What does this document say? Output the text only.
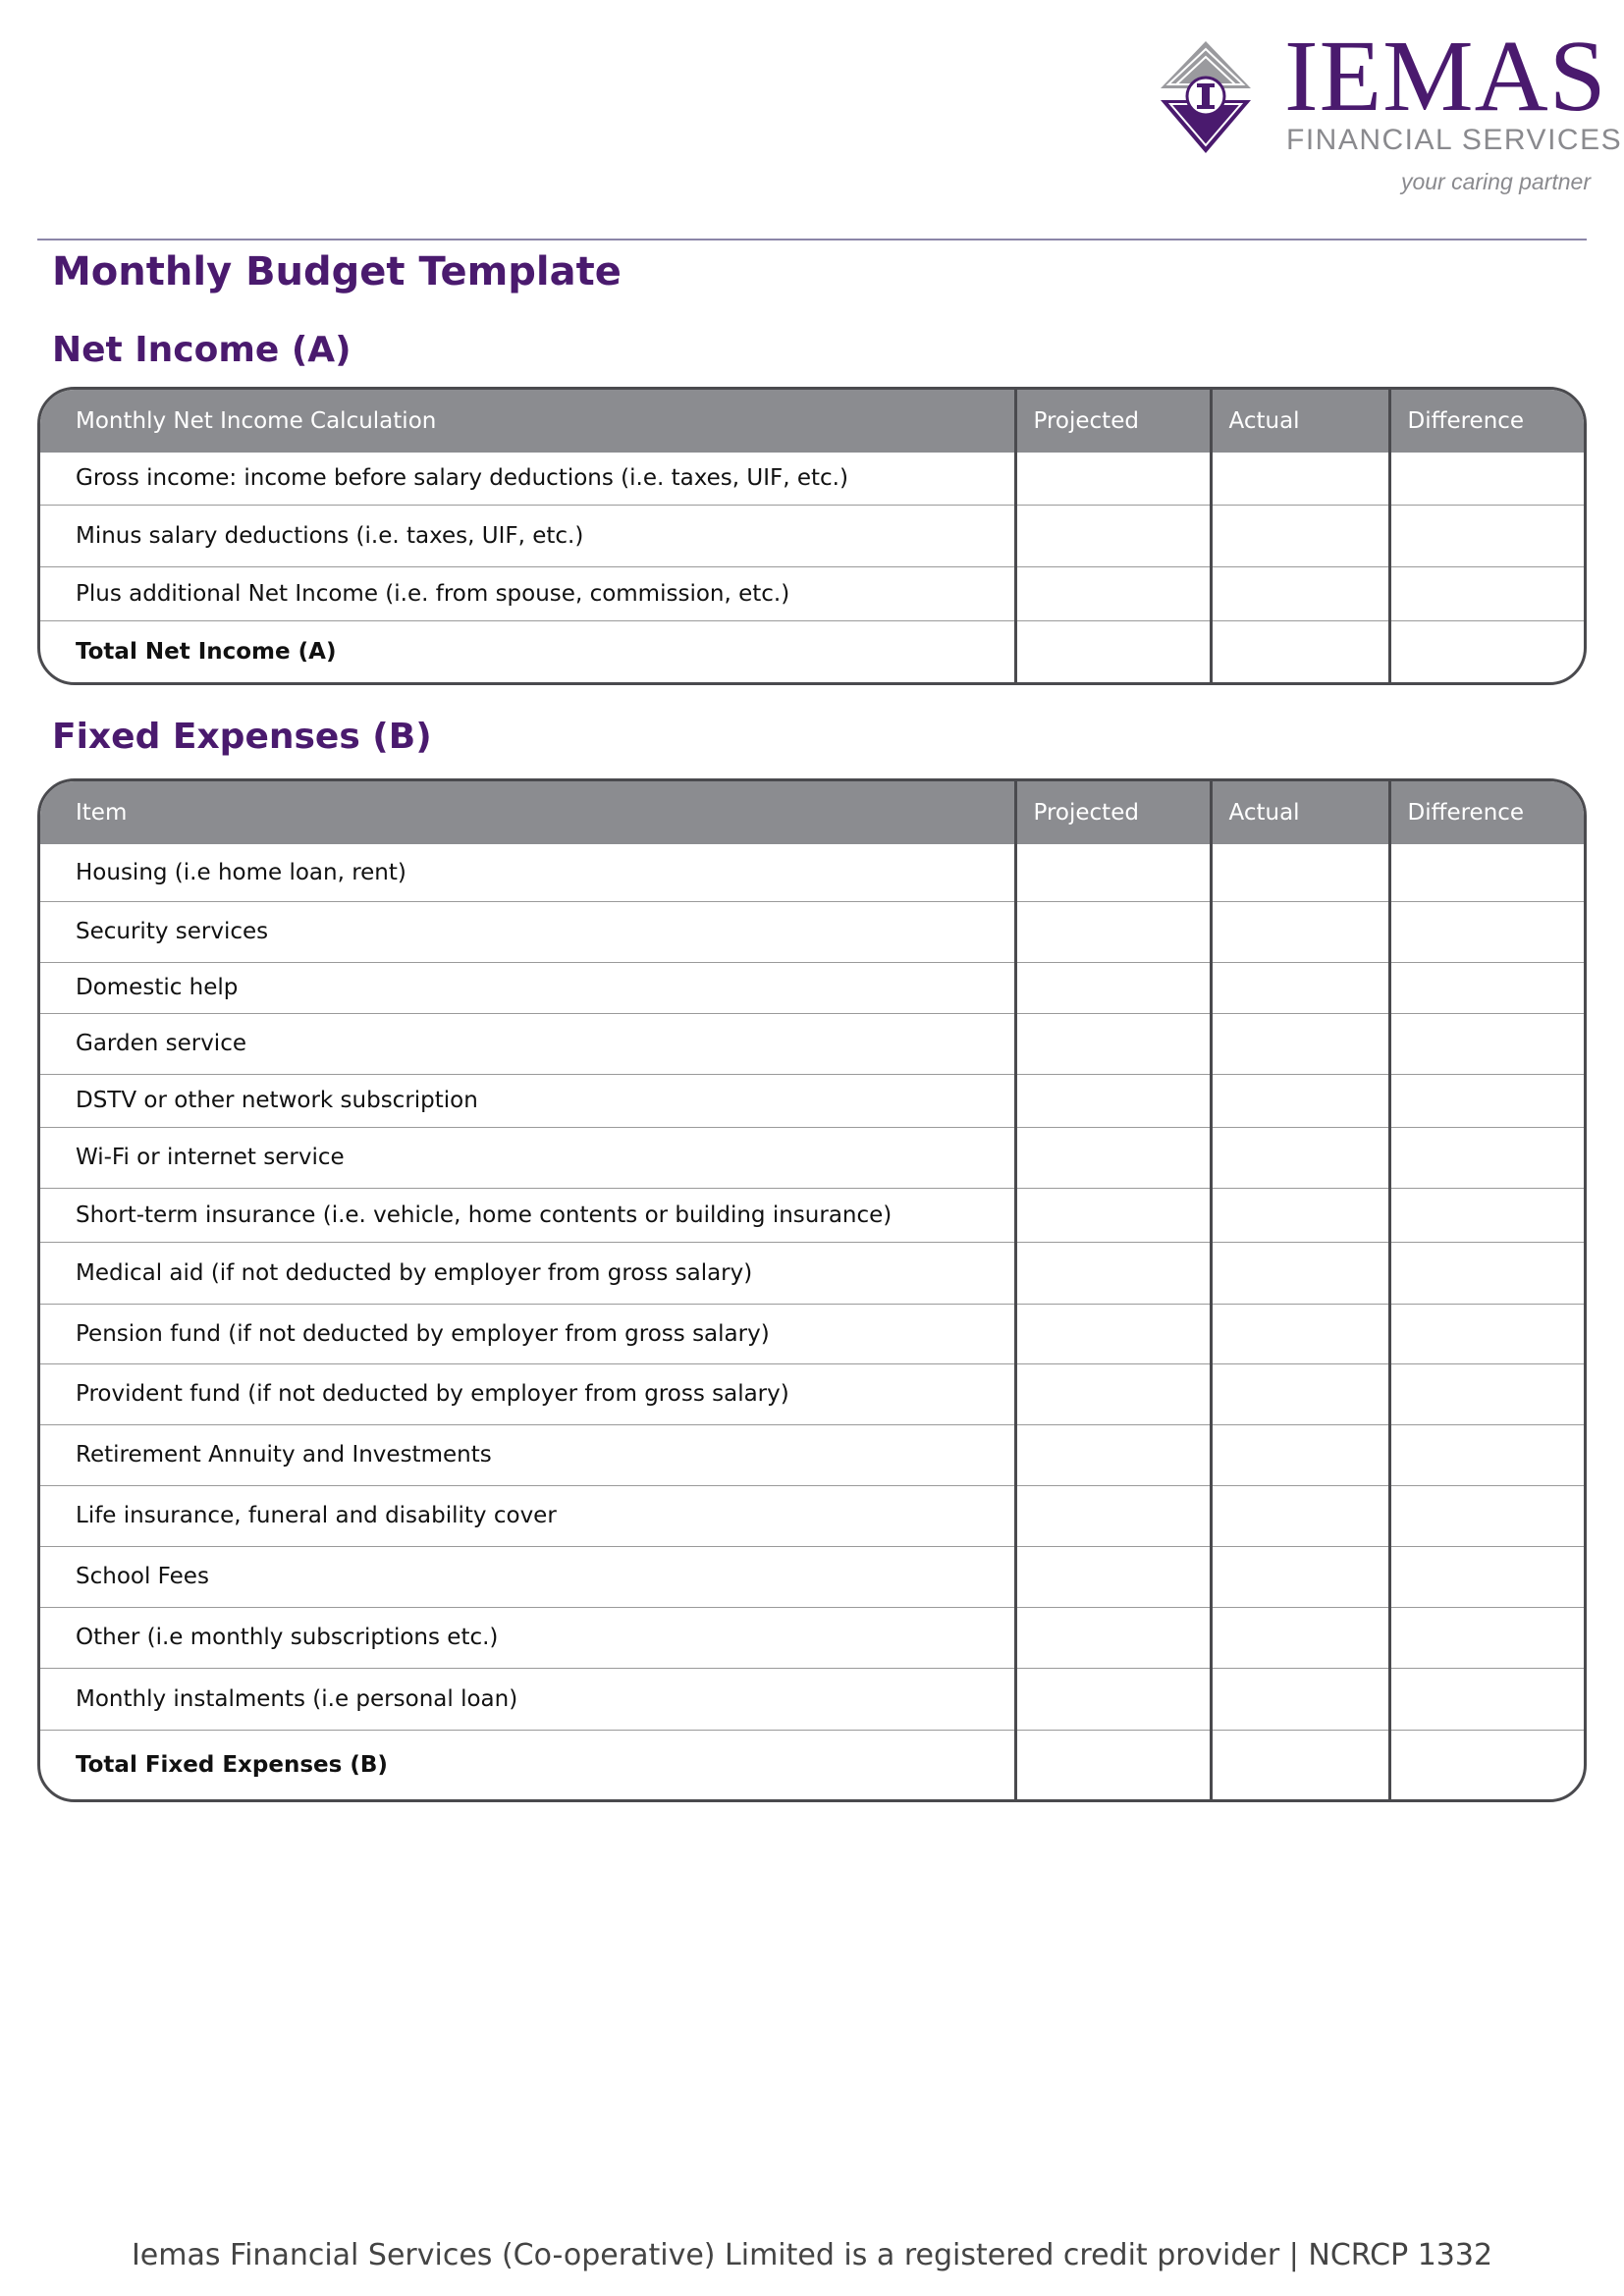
IEMAS
FINANCIAL SERVICES
your caring partner
Monthly Budget Template
Net Income (A)
Monthly Net Income Calculation	Projected	Actual	Difference
Gross income: income before salary deductions (i.e. taxes, UIF, etc.)			
Minus salary deductions (i.e. taxes, UIF, etc.)			
Plus additional Net Income (i.e. from spouse, commission, etc.)			
Total Net Income (A)			
Fixed Expenses (B)
Item	Projected	Actual	Difference
Housing (i.e home loan, rent)			
Security services			
Domestic help			
Garden service			
DSTV or other network subscription			
Wi-Fi or internet service			
Short-term insurance (i.e. vehicle, home contents or building insurance)			
Medical aid (if not deducted by employer from gross salary)			
Pension fund (if not deducted by employer from gross salary)			
Provident fund (if not deducted by employer from gross salary)			
Retirement Annuity and Investments			
Life insurance, funeral and disability cover			
School Fees			
Other (i.e monthly subscriptions etc.)			
Monthly instalments (i.e personal loan)			
Total Fixed Expenses (B)			
Iemas Financial Services (Co-operative) Limited is a registered credit provider | NCRCP 1332
